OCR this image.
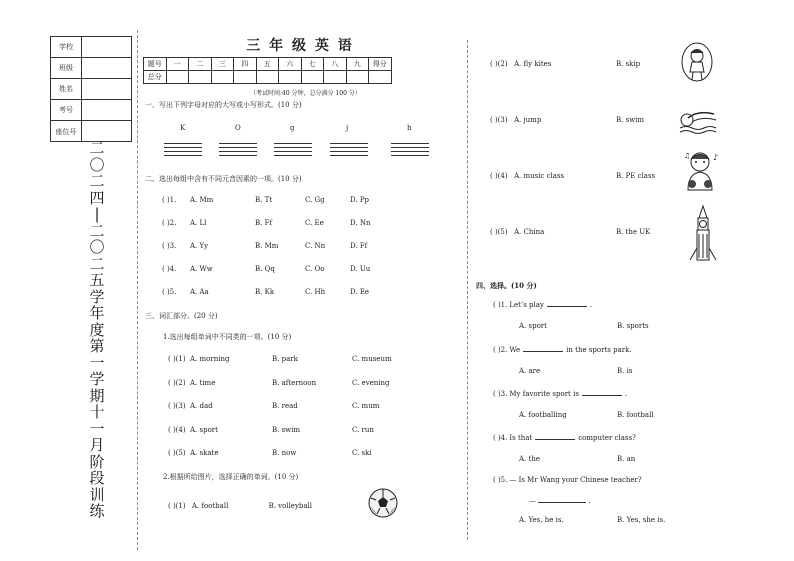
学校
班级
姓名
考号
座位号
二
〇
二
四
|
二
〇
二
五
学
年
度
第
一
学
期
十
一
月
阶
段
训
练
三 年 级 英 语
题号	一	二	三	四	五	六	七	八	九	得分
总分										
（考试时间:40 分钟，总分满分 100 分）
一、写出下列字母对应的大写或小写形式。(10 分)
K	O	g	j	h
二、选出每组中含有不同元音因素的一项。(10 分)
( )1. A. Mm	B. Tt	C. Gg	D. Pp
( )2. A. Ll	B. Ff	C. Ee	D. Nn
( )3. A. Yy	B. Mm	C. Nn	D. Ff
( )4. A. Ww	B. Qq	C. Oo	D. Uu
( )5. A. Aa	B. Kk	C. Hh	D. Ee
三、词汇部分。(20 分)
1.选出每组单词中不同类的一项。(10 分)
( )(1) A. morning	B. park	C. museum
( )(2) A. time	B. afternoon	C. evening
( )(3) A. dad	B. read	C. mum
( )(4) A. sport	B. swim	C. run
( )(5) A. skate	B. now	C. ski
2.根据所给图片，选择正确的单词。(10 分)
( )(1) A. football	B. volleyball
( )(2) A. fly kites	B. skip
( )(3) A. jump	B. swim
( )(4) A. music class	B. PE class
( )(5) A. China	B. the UK
♪
♫
四、选择。(10 分)
( )1. Let’s play	.
A. sport	B. sports
( )2. We	in the sports park.
A. are	B. is
( )3. My favorite sport is	.
A. footballing	B. football
( )4. Is that	computer class?
A. the	B. an
( )5. — Is Mr Wang your Chinese teacher?
A. Yes, he is.	B. Yes, she is.
—	.
